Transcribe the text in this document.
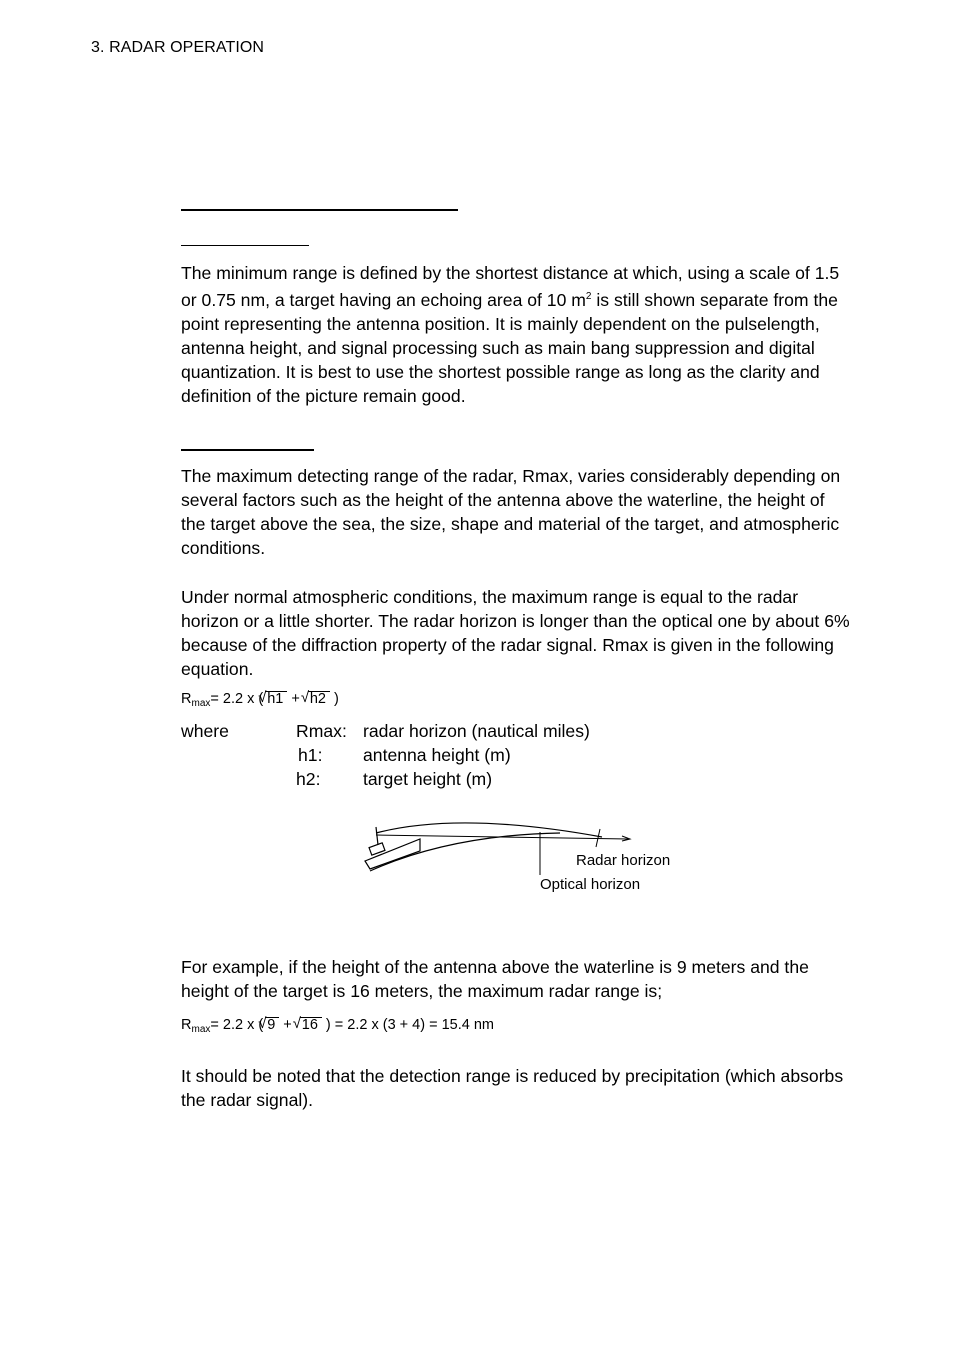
3. RADAR OPERATION
The minimum range is defined by the shortest distance at which, using a scale of 1.5 or 0.75 nm, a target having an echoing area of 10 $m^2$ is still shown separate from the point representing the antenna position. It is mainly dependent on the pulselength, antenna height, and signal processing such as main bang suppression and digital quantization. It is best to use the shortest possible range as long as the clarity and definition of the picture remain good.
The maximum detecting range of the radar, Rmax, varies considerably depending on several factors such as the height of the antenna above the waterline, the height of the target above the sea, the size, shape and material of the target, and atmospheric conditions.
Under normal atmospheric conditions, the maximum range is equal to the radar horizon or a little shorter. The radar horizon is longer than the optical one by about 6% because of the diffraction property of the radar signal. Rmax is given in the following equation.
$R_{max}= 2.2$ x ( √ h1 + √ h2 )
where	Rmax: radar horizon (nautical miles)
h1: antenna height (m)
h2: target height (m)
Radar horizon
Optical horizon
For example, if the height of the antenna above the waterline is 9 meters and the height of the target is 16 meters, the maximum radar range is;
$R_{max}= 2.2$ x ( √ 9 + √ 16 ) = 2.2 x (3 + 4) = 15.4 nm
It should be noted that the detection range is reduced by precipitation (which absorbs the radar signal).
